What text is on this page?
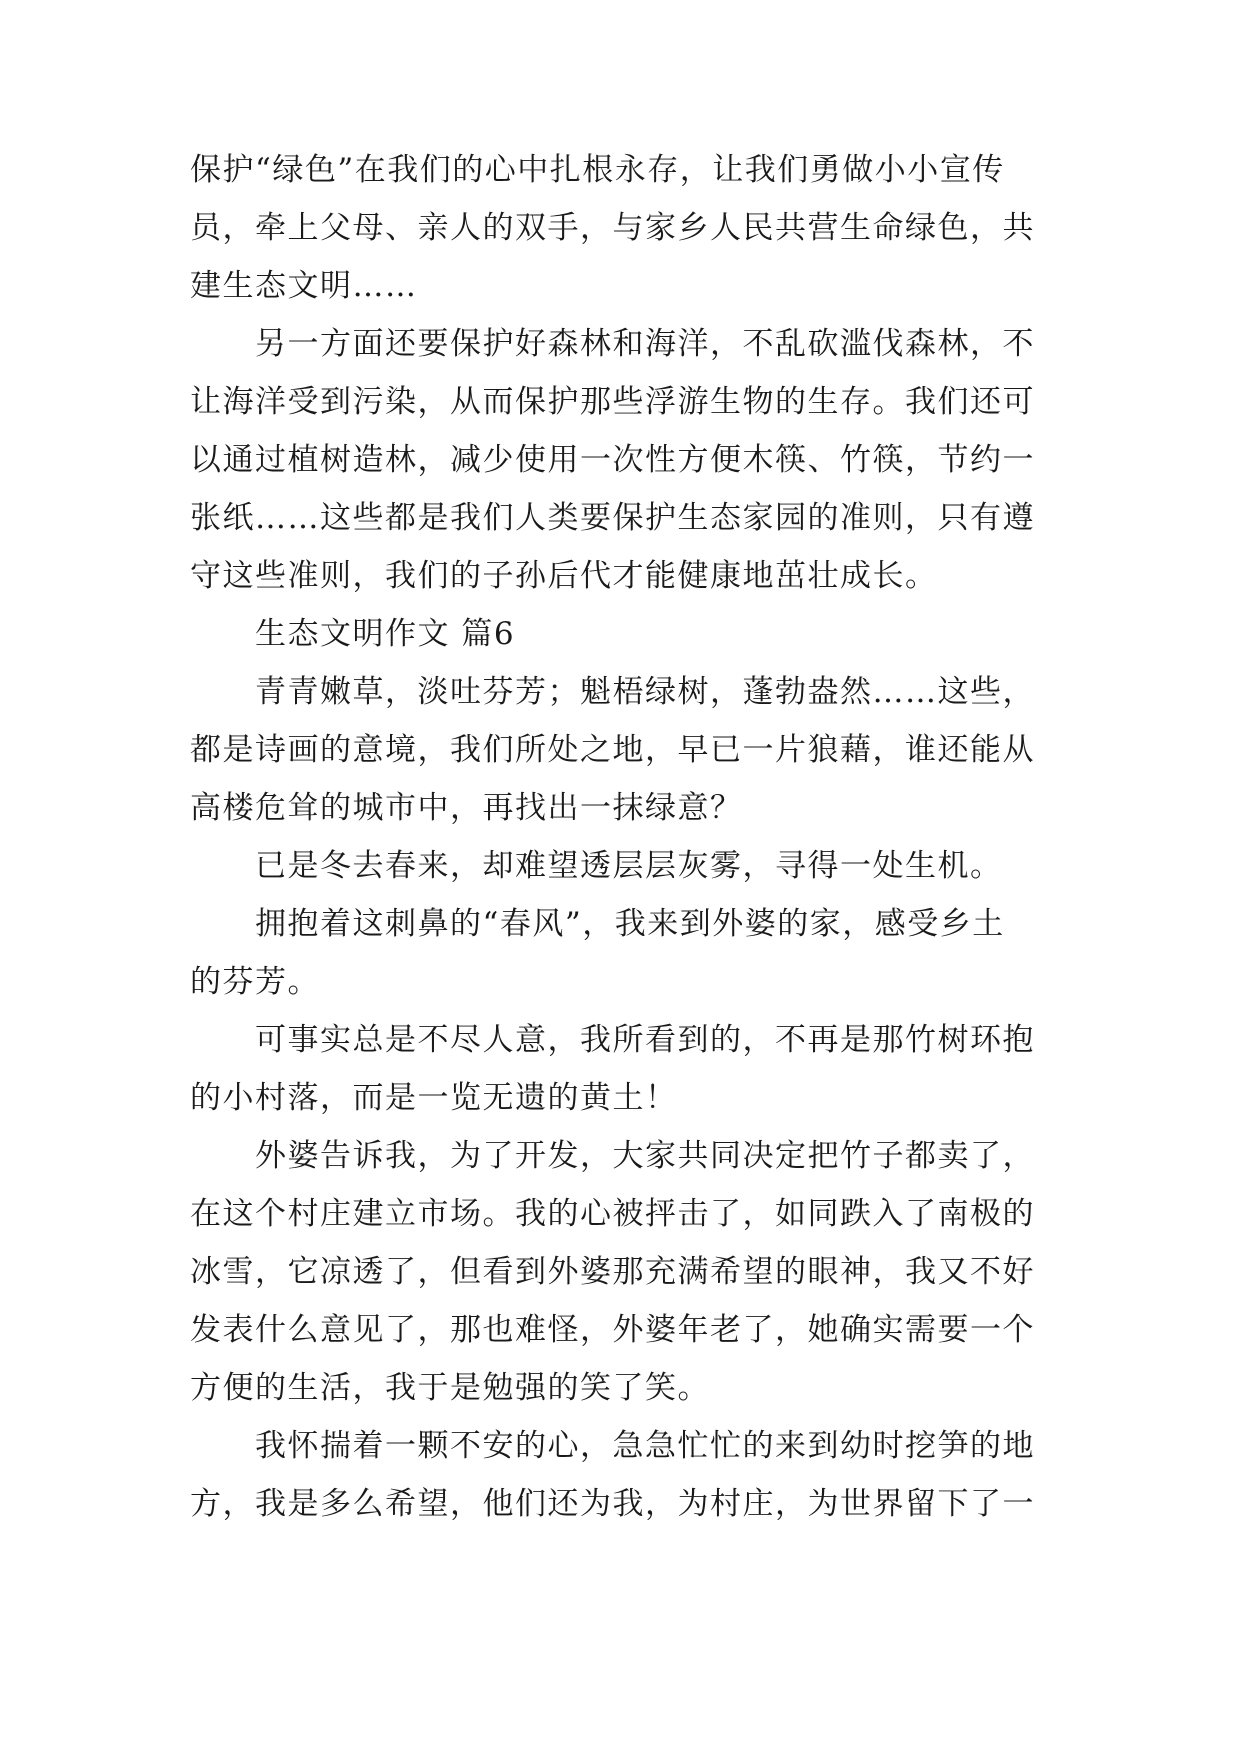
保护“绿色”在我们的心中扎根永存，让我们勇做小小宣传
员，牵上父母、亲人的双手，与家乡人民共营生命绿色，共
建生态文明……
另一方面还要保护好森林和海洋，不乱砍滥伐森林，不
让海洋受到污染，从而保护那些浮游生物的生存。我们还可
以通过植树造林，减少使用一次性方便木筷、竹筷，节约一
张纸……这些都是我们人类要保护生态家园的准则，只有遵
守这些准则，我们的子孙后代才能健康地茁壮成长。
生态文明作文 篇6
青青嫩草，淡吐芬芳；魁梧绿树，蓬勃盎然……这些，
都是诗画的意境，我们所处之地，早已一片狼藉，谁还能从
高楼危耸的城市中，再找出一抹绿意？
已是冬去春来，却难望透层层灰雾，寻得一处生机。
拥抱着这刺鼻的“春风”，我来到外婆的家，感受乡土
的芬芳。
可事实总是不尽人意，我所看到的，不再是那竹树环抱
的小村落，而是一览无遗的黄土！
外婆告诉我，为了开发，大家共同决定把竹子都卖了，
在这个村庄建立市场。我的心被抨击了，如同跌入了南极的
冰雪，它凉透了，但看到外婆那充满希望的眼神，我又不好
发表什么意见了，那也难怪，外婆年老了，她确实需要一个
方便的生活，我于是勉强的笑了笑。
我怀揣着一颗不安的心，急急忙忙的来到幼时挖笋的地
方，我是多么希望，他们还为我，为村庄，为世界留下了一
